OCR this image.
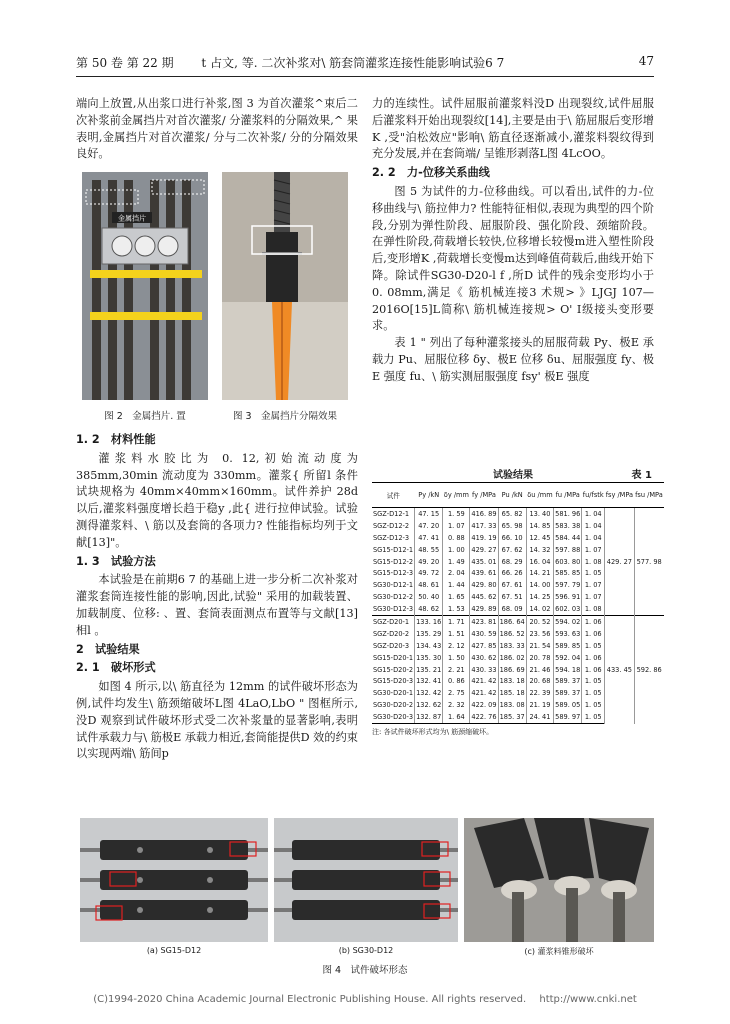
第 50 卷 第 22 期　　 t 占文, 等. 二次补浆对\ 筋套筒灌浆连接性能影响试验6 7	47

端向上放置,从出浆口进行补浆,图 3 为首次灌浆^束后二次补浆前金属挡片对首次灌浆/ 分灌浆料的分隔效果,^ 果表明,金属挡片对首次灌浆/ 分与二次补浆/ 分的分隔效果良好。

金属挡片
图 2　金属挡片. 置	图 3　金属挡片分隔效果
1. 2　材料性能

灌浆料水胶比为 0. 12,初始流动度为 385mm,30min 流动度为 330mm。灌浆{ 所留l 条件试块规格为 40mm×40mm×160mm。试件养护 28d 以后,灌浆料强度增长趋于稳y ,此{ 进行拉伸试验。试验测得灌浆料、\ 筋以及套筒的各项力? 性能指标均列于文献[13]"。

1. 3　试验方法

本试验是在前期6 7 的基础上进一步分析二次补浆对灌浆套筒连接性能的影响,因此,试验" 采用的加载装置、加载制度、位移: 、置、套筒表面测点布置等与文献[13]相l 。

2　试验结果
2. 1　破坏形式

如图 4 所示,以\ 筋直径为 12mm 的试件破坏形态为例,试件均发生\ 筋颈缩破坏L图 4LaO,LbO " 图框所示,没D 观察到试件破坏形式受二次补浆量的显著影响,表明试件承载力与\ 筋极E 承载力相近,套筒能提供D 效的约束以实现两端\ 筋间p

力的连续性。试件屈服前灌浆料没D 出现裂纹,试件屈服后灌浆料开始出现裂纹[14],主要是由于\ 筋屈服后变形增K ,受"泊松效应"影响\ 筋直径逐渐减小,灌浆料裂纹得到充分发展,并在套筒端/ 呈锥形剥落L图 4LcOO。

2. 2　力-位移关系曲线

图 5 为试件的力-位移曲线。可以看出,试件的力-位移曲线与\ 筋拉伸力? 性能特征相似,表现为典型的四个阶段,分别为弹性阶段、屈服阶段、强化阶段、颈缩阶段。在弹性阶段,荷载增长较快,位移增长较慢m进入塑性阶段后,变形增K ,荷载增长变慢m达到峰值荷载后,曲线开始下降。除试件SG30-D20-l f ,所D 试件的残余变形均小于0. 08mm,满足《 筋机械连接3 术规> 》LJGJ 107—2016O[15]L简称\ 筋机械连接规> O' Ⅰ级接头变形要求。

表 1 " 列出了每种灌浆接头的屈服荷载 Py、极E 承载力 Pu、屈服位移 δy、极E 位移 δu、屈服强度 fy、极E 强度 fu、\ 筋实测屈服强度 fsy' 极E 强度

试验结果	表 1
试件	Py /kN	δy /mm	fy /MPa	Pu /kN	δu /mm	fu /MPa	fu/fstk	fsy /MPa	fsu /MPa
SGZ-D12-1	47. 15	1. 59	416. 89	65. 82	13. 40	581. 96	1. 04	429. 27	577. 98
SGZ-D12-2	47. 20	1. 07	417. 33	65. 98	14. 85	583. 38	1. 04		
SGZ-D12-3	47. 41	0. 88	419. 19	66. 10	12. 45	584. 44	1. 04		
SG15-D12-1	48. 55	1. 00	429. 27	67. 62	14. 32	597. 88	1. 07		
SG15-D12-2	49. 20	1. 49	435. 01	68. 29	16. 04	603. 80	1. 08		
SG15-D12-3	49. 72	2. 04	439. 61	66. 26	14. 21	585. 85	1. 05		
SG30-D12-1	48. 61	1. 44	429. 80	67. 61	14. 00	597. 79	1. 07		
SG30-D12-2	50. 40	1. 65	445. 62	67. 51	14. 25	596. 91	1. 07		
SG30-D12-3	48. 62	1. 53	429. 89	68. 09	14. 02	602. 03	1. 08		
SGZ-D20-1	133. 16	1. 71	423. 81	186. 64	20. 52	594. 02	1. 06	433. 45	592. 86
SGZ-D20-2	135. 29	1. 51	430. 59	186. 52	23. 56	593. 63	1. 06		
SGZ-D20-3	134. 43	2. 12	427. 85	183. 33	21. 54	589. 85	1. 05		
SG15-D20-1	135. 30	1. 50	430. 62	186. 02	20. 78	592. 04	1. 06		
SG15-D20-2	135. 21	2. 21	430. 33	186. 69	21. 46	594. 18	1. 06		
SG15-D20-3	132. 41	0. 86	421. 42	183. 18	20. 68	589. 37	1. 05		
SG30-D20-1	132. 42	2. 75	421. 42	185. 18	22. 39	589. 37	1. 05		
SG30-D20-2	132. 62	2. 32	422. 09	183. 08	21. 19	589. 05	1. 05		
SG30-D20-3	132. 87	1. 64	422. 76	185. 37	24. 41	589. 97	1. 05		
注: 各试件破坏形式均为\ 筋颈缩破坏。
(a) SG15-D12	(b) SG30-D12	(c) 灌浆料锥形破坏
图 4　试件破坏形态
(C)1994-2020 China Academic Journal Electronic Publishing House. All rights reserved.　 http://www.cnki.net
